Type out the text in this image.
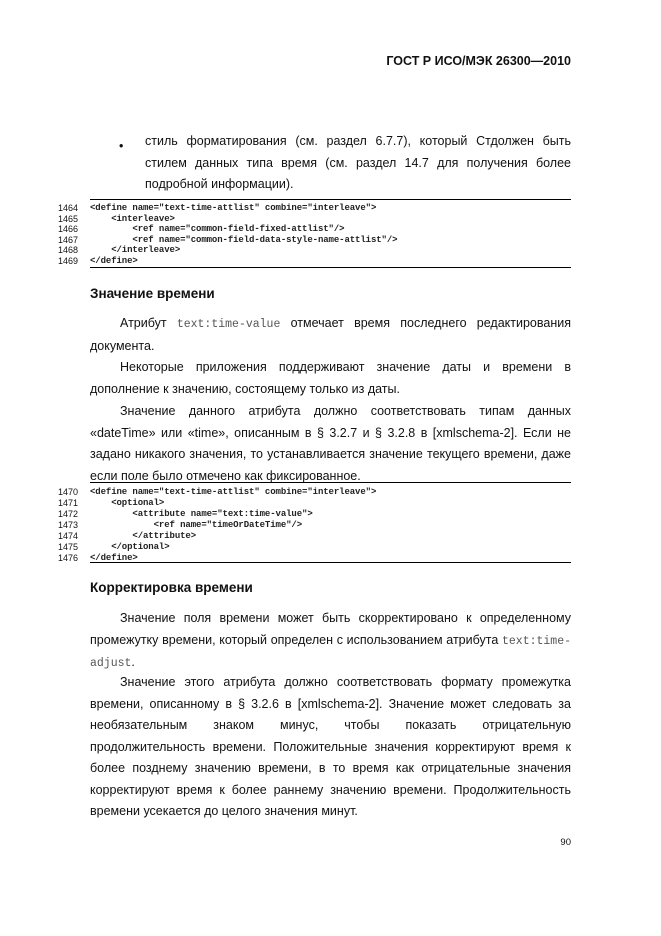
ГОСТ Р ИСО/МЭК 26300—2010
• стиль форматирования (см. раздел 6.7.7), который Стдолжен быть стилем данных типа время (см. раздел 14.7 для получения более подробной информации).

1464

<define name="text-time-attlist" combine="interleave">

1465

<interleave>

1466

<ref name="common-field-fixed-attlist"/>

1467

<ref name="common-field-data-style-name-attlist"/>

1468

</interleave>

1469

</define>

Значение времени

Атрибут text:time-value отмечает время последнего редактирования документа.

Некоторые приложения поддерживают значение даты и времени в дополнение к значению, состоящему только из даты.

Значение данного атрибута должно соответствовать типам данных «dateTime» или «time», описанным в § 3.2.7 и § 3.2.8 в [xmlschema-2]. Если не задано никакого значения, то устанавливается значение текущего времени, даже если поле было отмечено как фиксированное.

1470

<define name="text-time-attlist" combine="interleave">

1471

<optional>

1472

<attribute name="text:time-value">

1473

<ref name="timeOrDateTime"/>

1474

</attribute>

1475

</optional>

1476

</define>

Корректировка времени

Значение поля времени может быть скорректировано к определенному промежутку времени, который определен с использованием атрибута text:time-adjust.

Значение этого атрибута должно соответствовать формату промежутка времени, описанному в § 3.2.6 в [xmlschema-2]. Значение может следовать за необязательным знаком минус, чтобы показать отрицательную продолжительность времени. Положительные значения корректируют время к более позднему значению времени, в то время как отрицательные значения корректируют время к более раннему значению времени. Продолжительность времени усекается до целого значения минут.

90
